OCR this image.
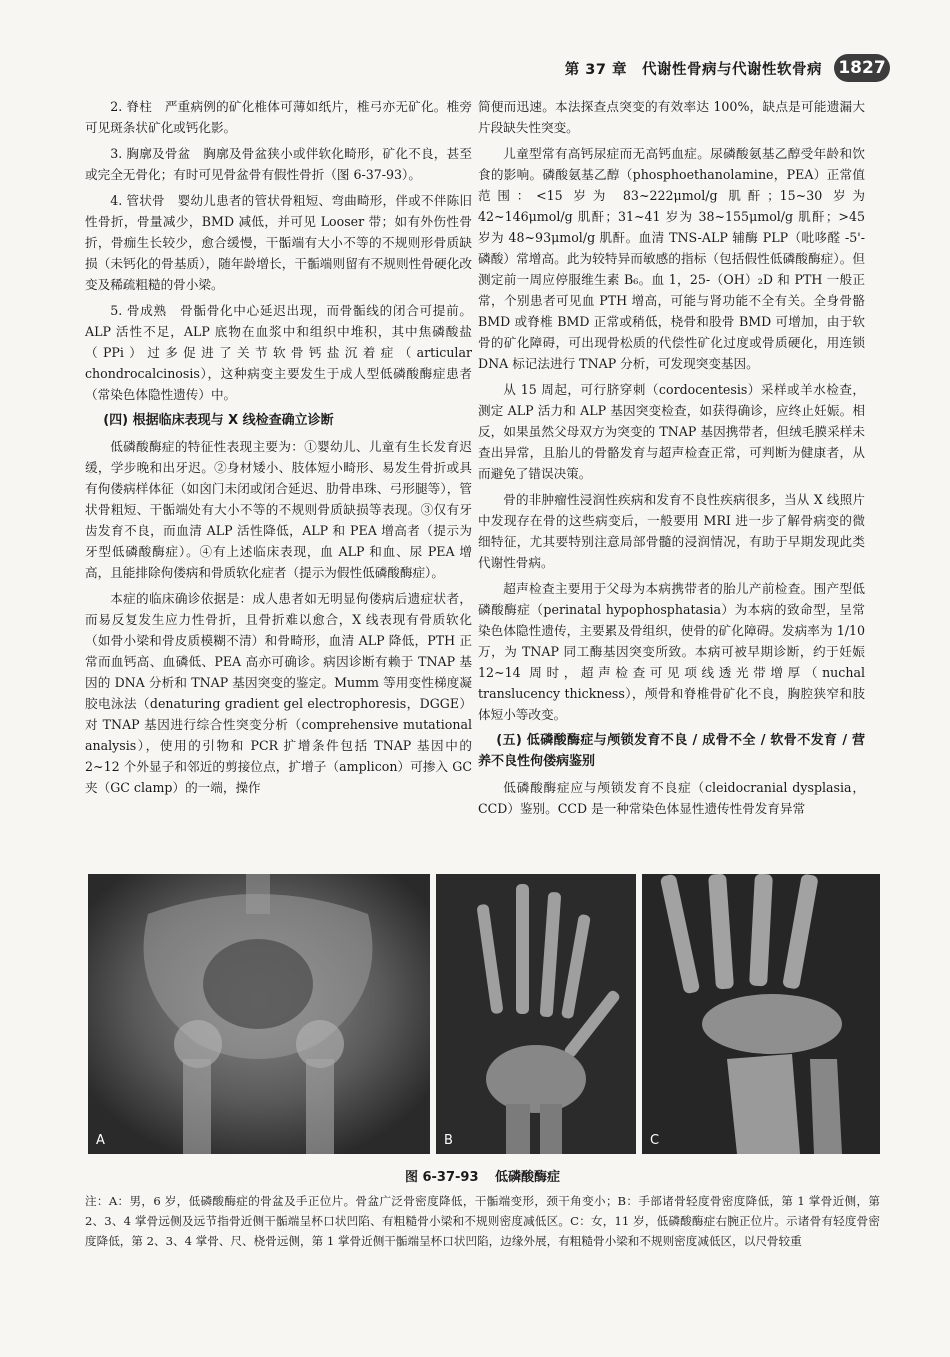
第 37 章　代谢性骨病与代谢性软骨病 1827

2. 脊柱　严重病例的矿化椎体可薄如纸片，椎弓亦无矿化。椎旁可见斑条状矿化或钙化影。

3. 胸廓及骨盆　胸廓及骨盆狭小或伴软化畸形，矿化不良，甚至或完全无骨化；有时可见骨盆骨有假性骨折（图 6-37-93）。

4. 管状骨　婴幼儿患者的管状骨粗短、弯曲畸形，伴或不伴陈旧性骨折，骨量减少，BMD 减低，并可见 Looser 带；如有外伤性骨折，骨痂生长较少，愈合缓慢，干骺端有大小不等的不规则形骨质缺损（未钙化的骨基质），随年龄增长，干骺端则留有不规则性骨硬化改变及稀疏粗糙的骨小梁。

5. 骨成熟　骨骺骨化中心延迟出现，而骨骺线的闭合可提前。ALP 活性不足，ALP 底物在血浆中和组织中堆积，其中焦磷酸盐（PPi）过多促进了关节软骨钙盐沉着症（articular chondrocalcinosis），这种病变主要发生于成人型低磷酸酶症患者（常染色体隐性遗传）中。

(四) 根据临床表现与 X 线检查确立诊断

低磷酸酶症的特征性表现主要为：①婴幼儿、儿童有生长发育迟缓，学步晚和出牙迟。②身材矮小、肢体短小畸形、易发生骨折或具有佝偻病样体征（如囟门未闭或闭合延迟、肋骨串珠、弓形腿等），管状骨粗短、干骺端处有大小不等的不规则骨质缺损等表现。③仅有牙齿发育不良，而血清 ALP 活性降低，ALP 和 PEA 增高者（提示为牙型低磷酸酶症）。④有上述临床表现，血 ALP 和血、尿 PEA 增高，且能排除佝偻病和骨质软化症者（提示为假性低磷酸酶症）。

本症的临床确诊依据是：成人患者如无明显佝偻病后遗症状者，而易反复发生应力性骨折，且骨折难以愈合，X 线表现有骨质软化（如骨小梁和骨皮质模糊不清）和骨畸形，血清 ALP 降低，PTH 正常而血钙高、血磷低、PEA 高亦可确诊。病因诊断有赖于 TNAP 基因的 DNA 分析和 TNAP 基因突变的鉴定。Mumm 等用变性梯度凝胶电泳法（denaturing gradient gel electrophoresis，DGGE）对 TNAP 基因进行综合性突变分析（comprehensive mutational analysis），使用的引物和 PCR 扩增条件包括 TNAP 基因中的 2~12 个外显子和邻近的剪接位点，扩增子（amplicon）可掺入 GC 夹（GC clamp）的一端，操作

简便而迅速。本法探查点突变的有效率达 100%，缺点是可能遗漏大片段缺失性突变。

儿童型常有高钙尿症而无高钙血症。尿磷酸氨基乙醇受年龄和饮食的影响。磷酸氨基乙醇（phosphoethanolamine，PEA）正常值范围：<15 岁为 83~222μmol/g 肌酐；15~30 岁为 42~146μmol/g 肌酐；31~41 岁为 38~155μmol/g 肌酐；>45 岁为 48~93μmol/g 肌酐。血清 TNS-ALP 辅酶 PLP（吡哆醛 -5'- 磷酸）常增高。此为较特异而敏感的指标（包括假性低磷酸酶症）。但测定前一周应停服维生素 B₆。血 1，25-（OH）₂D 和 PTH 一般正常，个别患者可见血 PTH 增高，可能与肾功能不全有关。全身骨骼 BMD 或脊椎 BMD 正常或稍低，桡骨和股骨 BMD 可增加，由于软骨的矿化障碍，可出现骨松质的代偿性矿化过度或骨质硬化，用连锁 DNA 标记法进行 TNAP 分析，可发现突变基因。

从 15 周起，可行脐穿刺（cordocentesis）采样或羊水检查，测定 ALP 活力和 ALP 基因突变检查，如获得确诊，应终止妊娠。相反，如果虽然父母双方为突变的 TNAP 基因携带者，但绒毛膜采样未查出异常，且胎儿的骨骼发育与超声检查正常，可判断为健康者，从而避免了错误决策。

骨的非肿瘤性浸润性疾病和发育不良性疾病很多，当从 X 线照片中发现存在骨的这些病变后，一般要用 MRI 进一步了解骨病变的微细特征，尤其要特别注意局部骨髓的浸润情况，有助于早期发现此类代谢性骨病。

超声检查主要用于父母为本病携带者的胎儿产前检查。围产型低磷酸酶症（perinatal hypophosphatasia）为本病的致命型，呈常染色体隐性遗传，主要累及骨组织，使骨的矿化障碍。发病率为 1/10 万，为 TNAP 同工酶基因突变所致。本病可被早期诊断，约于妊娠 12~14 周时，超声检查可见项线透光带增厚（nuchal translucency thickness），颅骨和脊椎骨矿化不良，胸腔狭窄和肢体短小等改变。

(五) 低磷酸酶症与颅锁发育不良 / 成骨不全 / 软骨不发育 / 营养不良性佝偻病鉴别

低磷酸酶症应与颅锁发育不良症（cleidocranial dysplasia，CCD）鉴别。CCD 是一种常染色体显性遗传性骨发育异常

A	B	C
图 6-37-93 低磷酸酶症
注：A：男，6 岁，低磷酸酶症的骨盆及手正位片。骨盆广泛骨密度降低，干骺端变形，颈干角变小；B：手部诸骨轻度骨密度降低，第 1 掌骨近侧，第 2、3、4 掌骨远侧及远节指骨近侧干骺端呈杯口状凹陷、有粗糙骨小梁和不规则密度减低区。C：女，11 岁，低磷酸酶症右腕正位片。示诸骨有轻度骨密度降低，第 2、3、4 掌骨、尺、桡骨远侧，第 1 掌骨近侧干骺端呈杯口状凹陷，边缘外展，有粗糙骨小梁和不规则密度减低区，以尺骨较重
